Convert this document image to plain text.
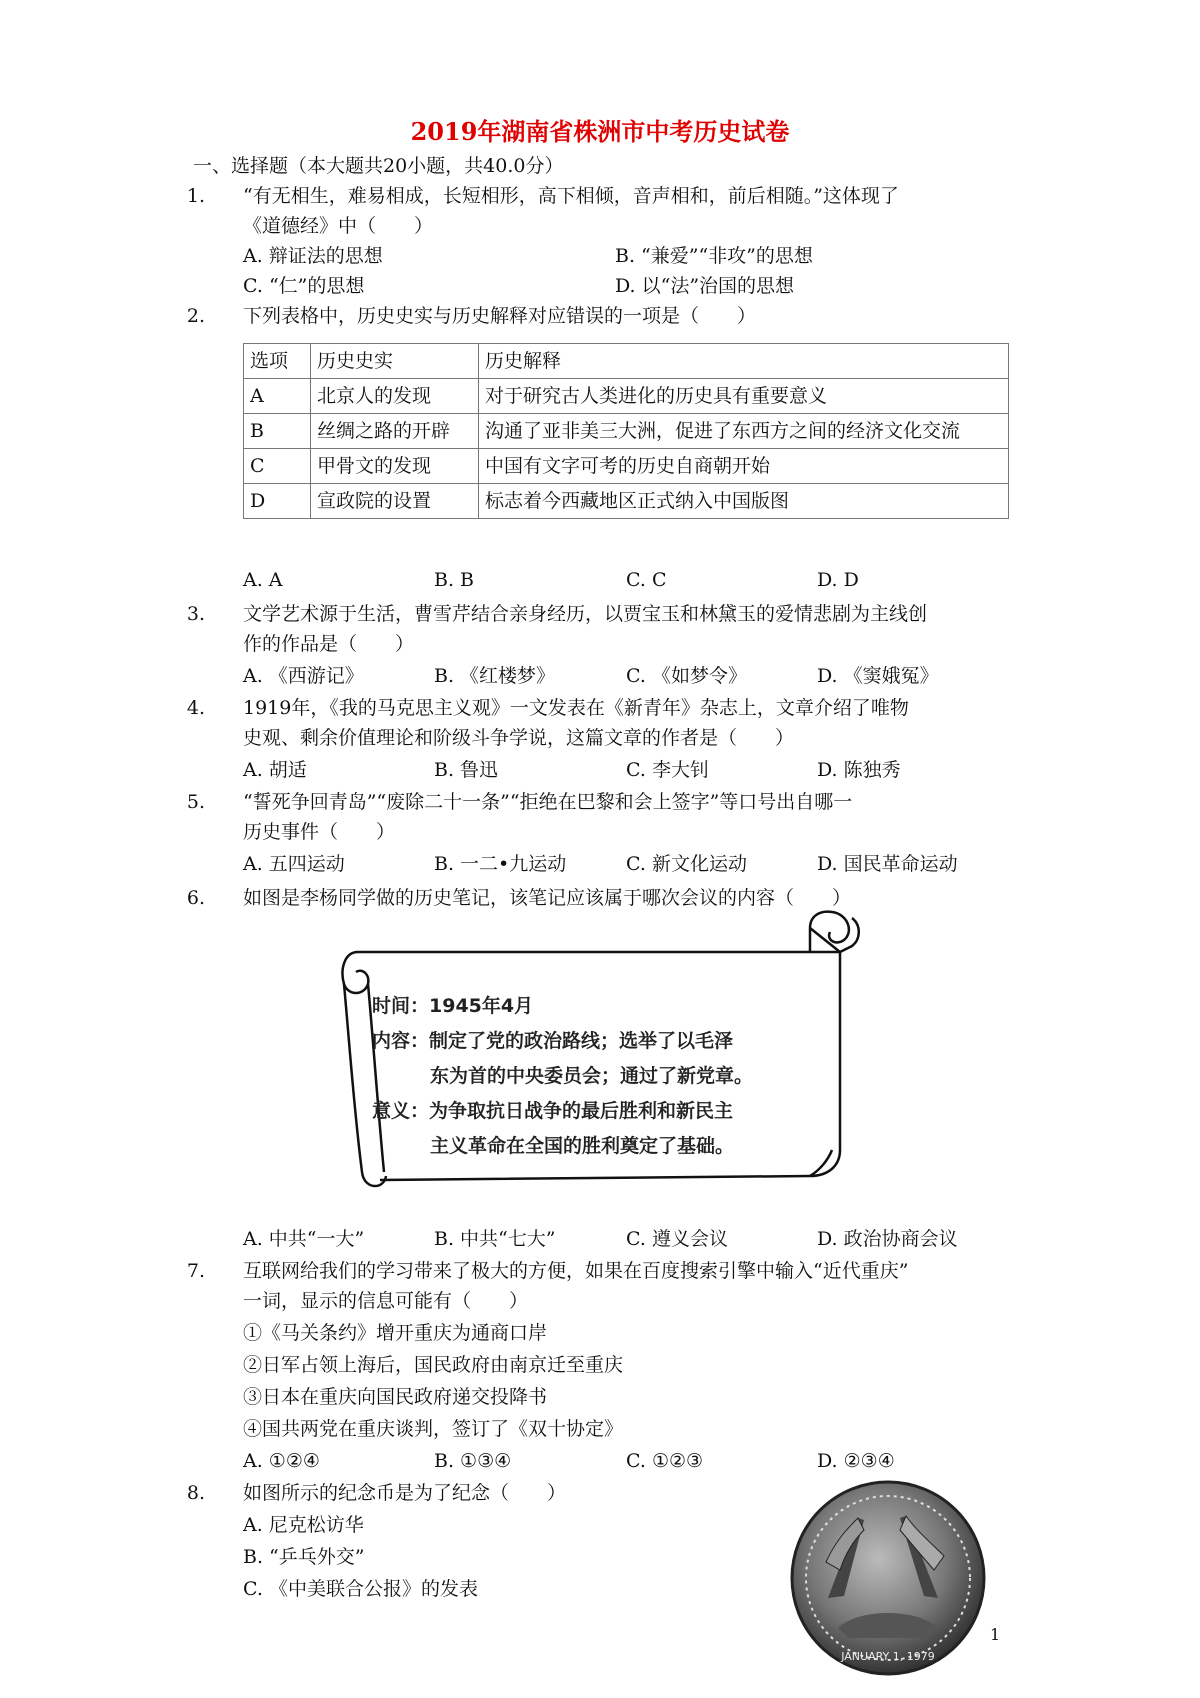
2019年湖南省株洲市中考历史试卷
一、选择题（本大题共20小题，共40.0分）
1. “有无相生，难易相成，长短相形，高下相倾，音声相和，前后相随。”这体现了
《道德经》中（　　）
A. 辩证法的思想	B. “兼爱”“非攻”的思想
C. “仁”的思想	D. 以“法”治国的思想
2. 下列表格中，历史史实与历史解释对应错误的一项是（　　）
选项	历史史实	历史解释
A	北京人的发现	对于研究古人类进化的历史具有重要意义
B	丝绸之路的开辟	沟通了亚非美三大洲，促进了东西方之间的经济文化交流
C	甲骨文的发现	中国有文字可考的历史自商朝开始
D	宣政院的设置	标志着今西藏地区正式纳入中国版图
A. A	B. B	C. C	D. D
3. 文学艺术源于生活，曹雪芹结合亲身经历，以贾宝玉和林黛玉的爱情悲剧为主线创
作的作品是（　　）
A. 《西游记》	B. 《红楼梦》	C. 《如梦令》	D. 《窦娥冤》
4. 1919年，《我的马克思主义观》一文发表在《新青年》杂志上，文章介绍了唯物
史观、剩余价值理论和阶级斗争学说，这篇文章的作者是（　　）
A. 胡适	B. 鲁迅	C. 李大钊	D. 陈独秀
5. “誓死争回青岛”“废除二十一条”“拒绝在巴黎和会上签字”等口号出自哪一
历史事件（　　）
A. 五四运动	B. 一二•九运动	C. 新文化运动	D. 国民革命运动
6. 如图是李杨同学做的历史笔记，该笔记应该属于哪次会议的内容（　　）
时间：1945年4月
内容：制定了党的政治路线；选举了以毛泽
东为首的中央委员会；通过了新党章。
意义：为争取抗日战争的最后胜利和新民主
主义革命在全国的胜利奠定了基础。
A. 中共“一大”	B. 中共“七大”	C. 遵义会议	D. 政治协商会议
7. 互联网给我们的学习带来了极大的方便，如果在百度搜索引擎中输入“近代重庆”
一词，显示的信息可能有（　　）
①《马关条约》增开重庆为通商口岸
②日军占领上海后，国民政府由南京迁至重庆
③日本在重庆向国民政府递交投降书
④国共两党在重庆谈判，签订了《双十协定》
A. ①②④	B. ①③④	C. ①②③	D. ②③④
8. 如图所示的纪念币是为了纪念（　　）
A. 尼克松访华
B. “乒乓外交”
C. 《中美联合公报》的发表
JANUARY 1, 1979
1
